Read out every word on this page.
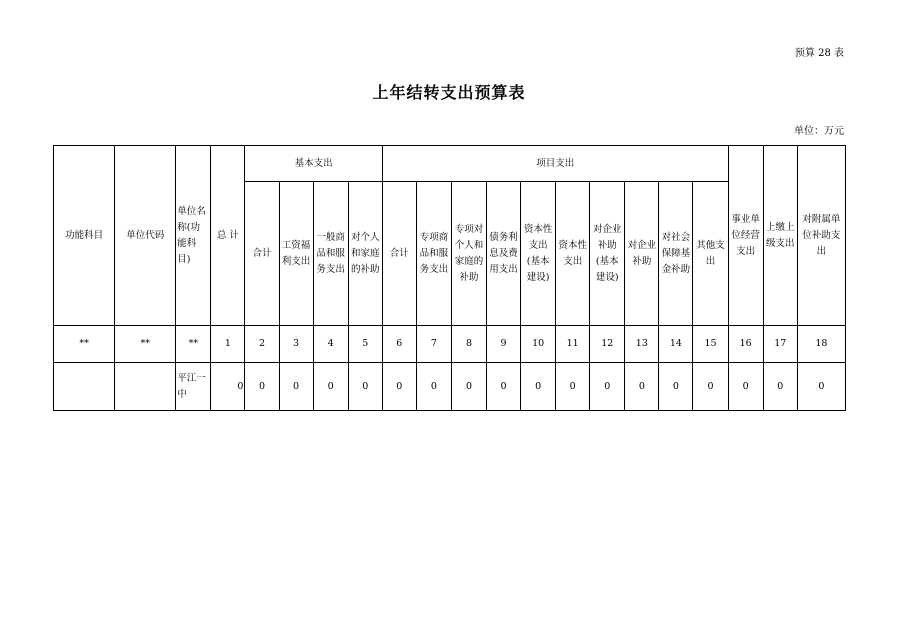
预算 28 表
上年结转支出预算表
单位：万元
功能科目	单位代码	单位名称(功能科目)	总 计	基本支出				项目支出										事业单位经营支出	上缴上级支出	对附属单位补助支出
				合计	工资福利支出	一般商品和服务支出	对个人和家庭的补助	合计	专项商品和服务支出	专项对个人和家庭的补助	债务利息及费用支出	资本性支出(基本建设)	资本性支出	对企业补助(基本建设)	对企业补助	对社会保障基金补助	其他支出			
**	**	**	1	2	3	4	5	6	7	8	9	10	11	12	13	14	15	16	17	18
		平江一中	0	0	0	0	0	0	0	0	0	0	0	0	0	0	0	0	0	0
